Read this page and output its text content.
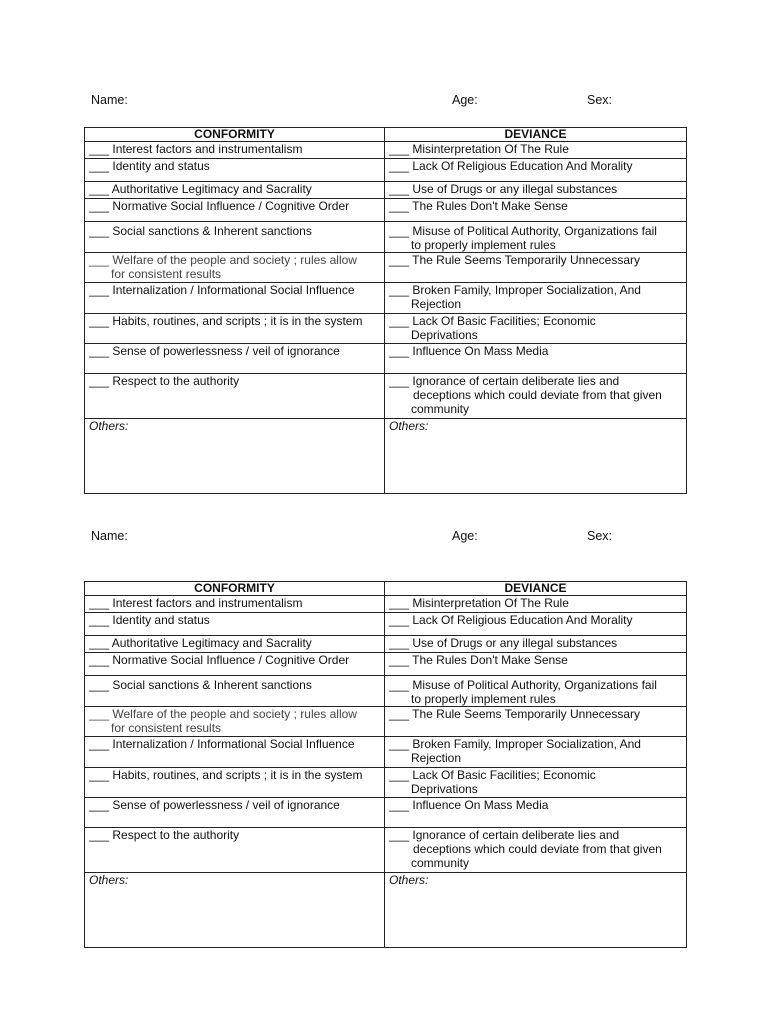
Name:	Age:	Sex:
CONFORMITY	DEVIANCE
___ Interest factors and instrumentalism	___ Misinterpretation Of The Rule
___ Identity and status	___ Lack Of Religious Education And Morality
___ Authoritative Legitimacy and Sacrality	___ Use of Drugs or any illegal substances
___ Normative Social Influence / Cognitive Order	___ The Rules Don't Make Sense
___ Social sanctions & Inherent sanctions	___ Misuse of Political Authority, Organizations fail
to properly implement rules

___ Welfare of the people and society ; rules allow
for consistent results	___ The Rule Seems Temporarily Unnecessary
___ Internalization / Informational Social Influence	___ Broken Family, Improper Socialization, And
Rejection

___ Habits, routines, and scripts ; it is in the system	___ Lack Of Basic Facilities; Economic
Deprivations

___ Sense of powerlessness / veil of ignorance	___ Influence On Mass Media
___ Respect to the authority	___ Ignorance of certain deliberate lies and
deceptions which could deviate from that given
community

Others:	Others:
Name:	Age:	Sex:
CONFORMITY	DEVIANCE
___ Interest factors and instrumentalism	___ Misinterpretation Of The Rule
___ Identity and status	___ Lack Of Religious Education And Morality
___ Authoritative Legitimacy and Sacrality	___ Use of Drugs or any illegal substances
___ Normative Social Influence / Cognitive Order	___ The Rules Don't Make Sense
___ Social sanctions & Inherent sanctions	___ Misuse of Political Authority, Organizations fail
to properly implement rules

___ Welfare of the people and society ; rules allow
for consistent results	___ The Rule Seems Temporarily Unnecessary
___ Internalization / Informational Social Influence	___ Broken Family, Improper Socialization, And
Rejection

___ Habits, routines, and scripts ; it is in the system	___ Lack Of Basic Facilities; Economic
Deprivations

___ Sense of powerlessness / veil of ignorance	___ Influence On Mass Media
___ Respect to the authority	___ Ignorance of certain deliberate lies and
deceptions which could deviate from that given
community

Others:	Others:
